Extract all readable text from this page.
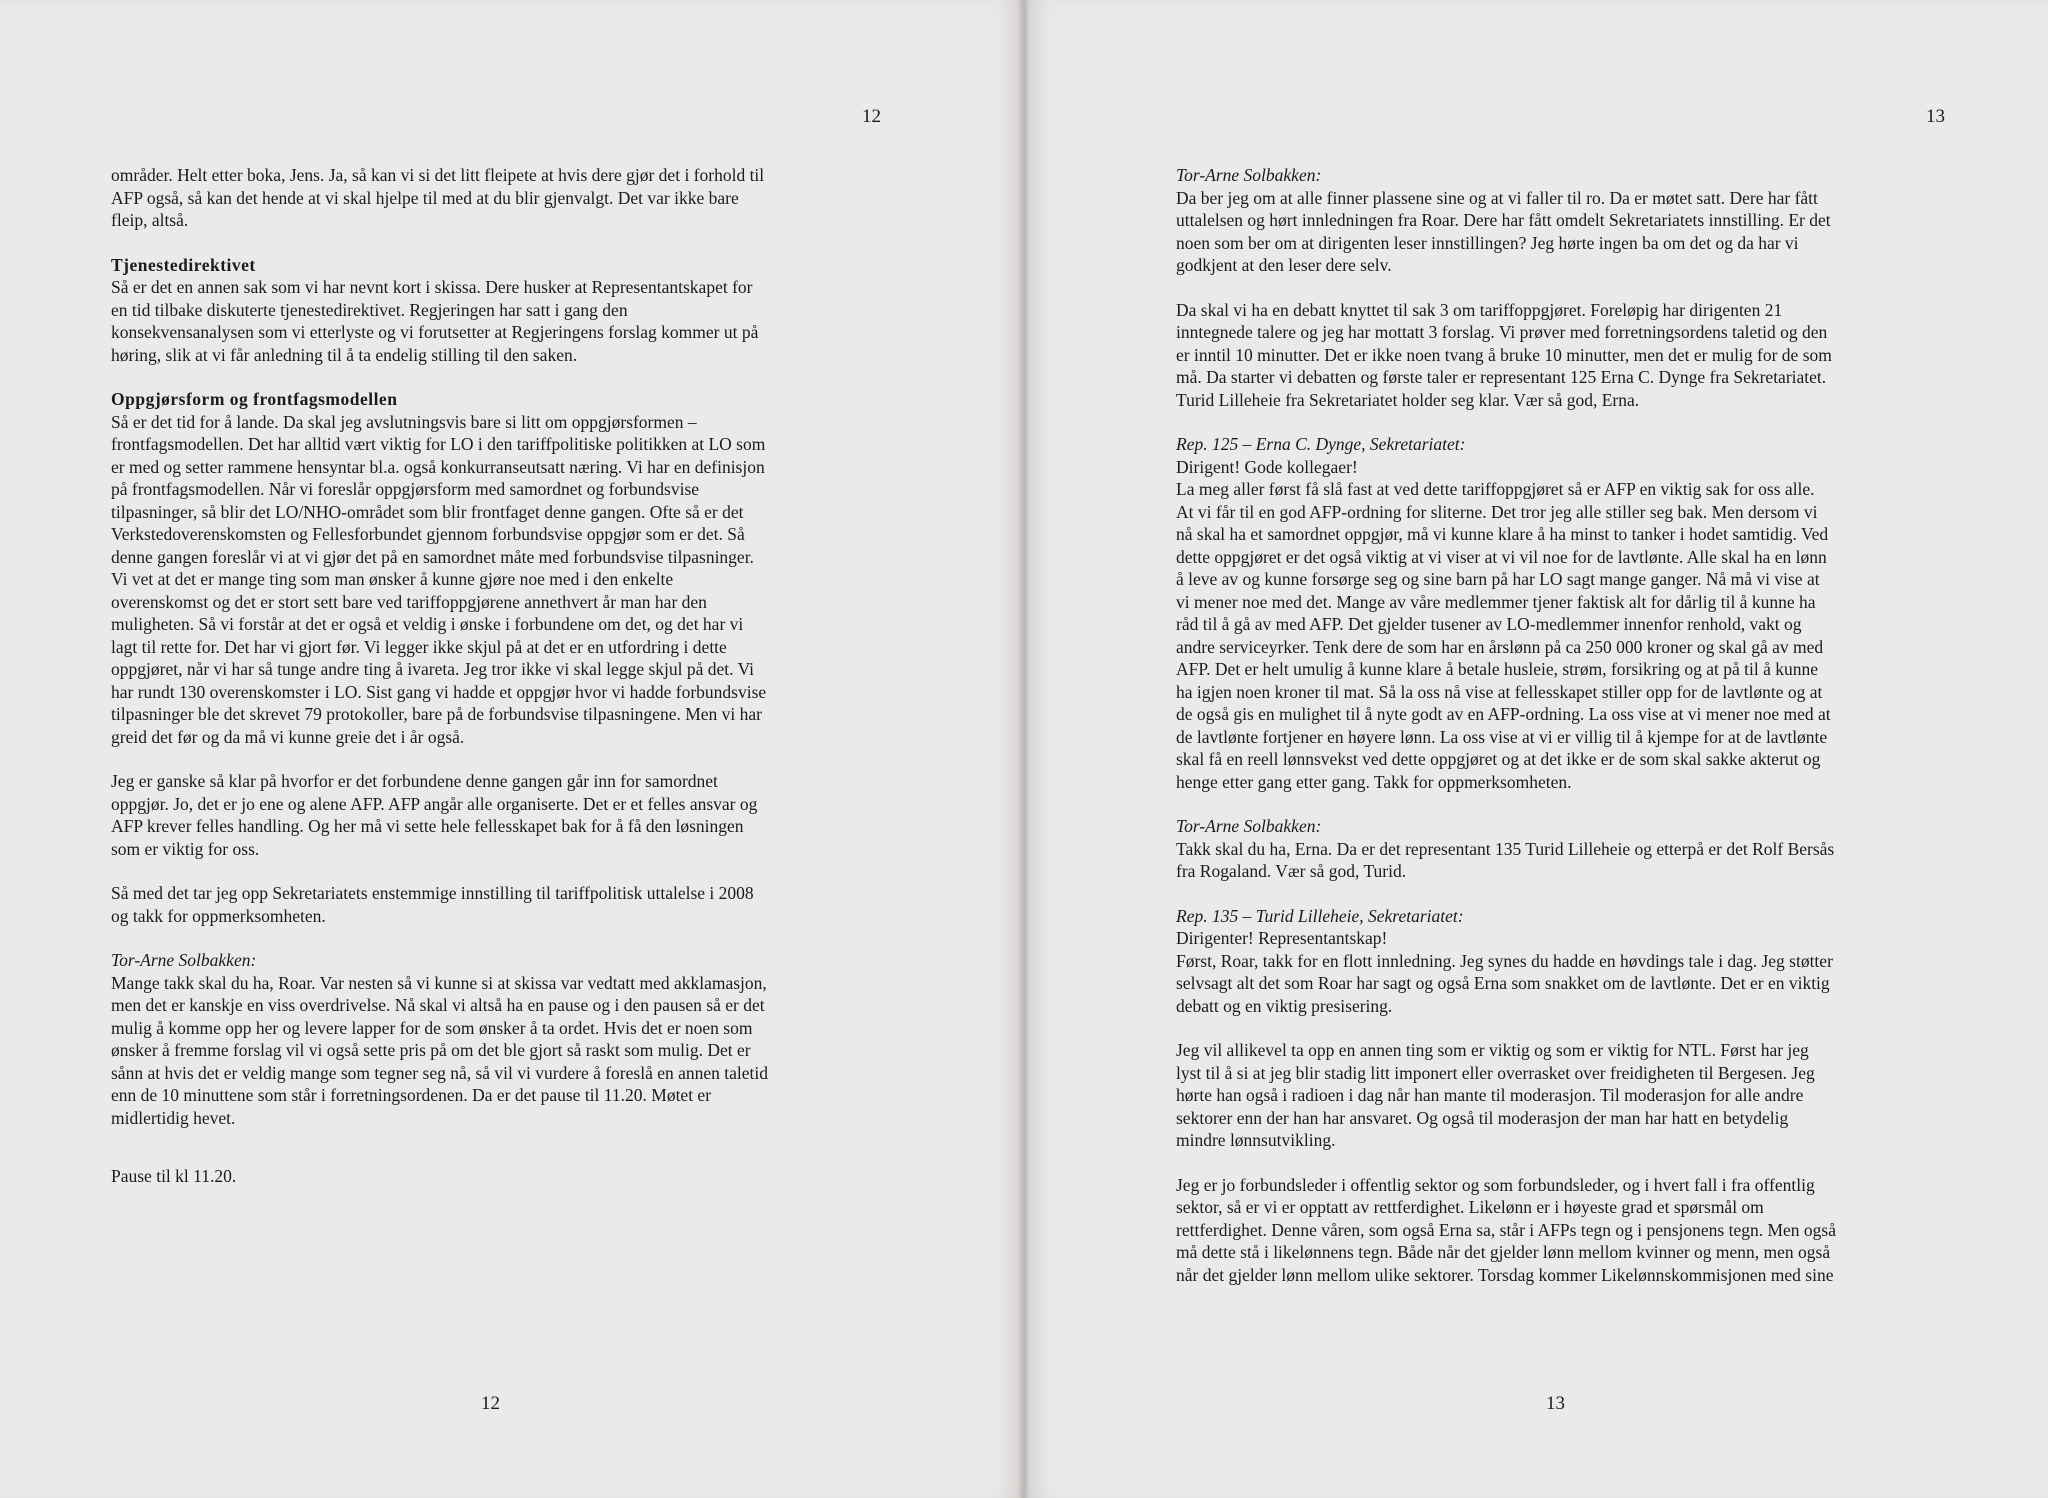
12
områder. Helt etter boka, Jens. Ja, så kan vi si det litt fleipete at hvis dere gjør det i forhold til
AFP også, så kan det hende at vi skal hjelpe til med at du blir gjenvalgt. Det var ikke bare
fleip, altså.
Tjenestedirektivet
Så er det en annen sak som vi har nevnt kort i skissa. Dere husker at Representantskapet for
en tid tilbake diskuterte tjenestedirektivet. Regjeringen har satt i gang den
konsekvensanalysen som vi etterlyste og vi forutsetter at Regjeringens forslag kommer ut på
høring, slik at vi får anledning til å ta endelig stilling til den saken.
Oppgjørsform og frontfagsmodellen
Så er det tid for å lande. Da skal jeg avslutningsvis bare si litt om oppgjørsformen –
frontfagsmodellen. Det har alltid vært viktig for LO i den tariffpolitiske politikken at LO som
er med og setter rammene hensyntar bl.a. også konkurranseutsatt næring. Vi har en definisjon
på frontfagsmodellen. Når vi foreslår oppgjørsform med samordnet og forbundsvise
tilpasninger, så blir det LO/NHO-området som blir frontfaget denne gangen. Ofte så er det
Verkstedoverenskomsten og Fellesforbundet gjennom forbundsvise oppgjør som er det. Så
denne gangen foreslår vi at vi gjør det på en samordnet måte med forbundsvise tilpasninger.
Vi vet at det er mange ting som man ønsker å kunne gjøre noe med i den enkelte
overenskomst og det er stort sett bare ved tariffoppgjørene annethvert år man har den
muligheten. Så vi forstår at det er også et veldig i ønske i forbundene om det, og det har vi
lagt til rette for. Det har vi gjort før. Vi legger ikke skjul på at det er en utfordring i dette
oppgjøret, når vi har så tunge andre ting å ivareta. Jeg tror ikke vi skal legge skjul på det. Vi
har rundt 130 overenskomster i LO. Sist gang vi hadde et oppgjør hvor vi hadde forbundsvise
tilpasninger ble det skrevet 79 protokoller, bare på de forbundsvise tilpasningene. Men vi har
greid det før og da må vi kunne greie det i år også.
Jeg er ganske så klar på hvorfor er det forbundene denne gangen går inn for samordnet
oppgjør. Jo, det er jo ene og alene AFP. AFP angår alle organiserte. Det er et felles ansvar og
AFP krever felles handling. Og her må vi sette hele fellesskapet bak for å få den løsningen
som er viktig for oss.
Så med det tar jeg opp Sekretariatets enstemmige innstilling til tariffpolitisk uttalelse i 2008
og takk for oppmerksomheten.
Tor-Arne Solbakken:
Mange takk skal du ha, Roar. Var nesten så vi kunne si at skissa var vedtatt med akklamasjon,
men det er kanskje en viss overdrivelse. Nå skal vi altså ha en pause og i den pausen så er det
mulig å komme opp her og levere lapper for de som ønsker å ta ordet. Hvis det er noen som
ønsker å fremme forslag vil vi også sette pris på om det ble gjort så raskt som mulig. Det er
sånn at hvis det er veldig mange som tegner seg nå, så vil vi vurdere å foreslå en annen taletid
enn de 10 minuttene som står i forretningsordenen. Da er det pause til 11.20. Møtet er
midlertidig hevet.
Pause til kl 11.20.
12
13
Tor-Arne Solbakken:
Da ber jeg om at alle finner plassene sine og at vi faller til ro. Da er møtet satt. Dere har fått
uttalelsen og hørt innledningen fra Roar. Dere har fått omdelt Sekretariatets innstilling. Er det
noen som ber om at dirigenten leser innstillingen? Jeg hørte ingen ba om det og da har vi
godkjent at den leser dere selv.
Da skal vi ha en debatt knyttet til sak 3 om tariffoppgjøret. Foreløpig har dirigenten 21
inntegnede talere og jeg har mottatt 3 forslag. Vi prøver med forretningsordens taletid og den
er inntil 10 minutter. Det er ikke noen tvang å bruke 10 minutter, men det er mulig for de som
må. Da starter vi debatten og første taler er representant 125 Erna C. Dynge fra Sekretariatet.
Turid Lilleheie fra Sekretariatet holder seg klar. Vær så god, Erna.
Rep. 125 – Erna C. Dynge, Sekretariatet:
Dirigent! Gode kollegaer!
La meg aller først få slå fast at ved dette tariffoppgjøret så er AFP en viktig sak for oss alle.
At vi får til en god AFP-ordning for sliterne. Det tror jeg alle stiller seg bak. Men dersom vi
nå skal ha et samordnet oppgjør, må vi kunne klare å ha minst to tanker i hodet samtidig. Ved
dette oppgjøret er det også viktig at vi viser at vi vil noe for de lavtlønte. Alle skal ha en lønn
å leve av og kunne forsørge seg og sine barn på har LO sagt mange ganger. Nå må vi vise at
vi mener noe med det. Mange av våre medlemmer tjener faktisk alt for dårlig til å kunne ha
råd til å gå av med AFP. Det gjelder tusener av LO-medlemmer innenfor renhold, vakt og
andre serviceyrker. Tenk dere de som har en årslønn på ca 250 000 kroner og skal gå av med
AFP. Det er helt umulig å kunne klare å betale husleie, strøm, forsikring og at på til å kunne
ha igjen noen kroner til mat. Så la oss nå vise at fellesskapet stiller opp for de lavtlønte og at
de også gis en mulighet til å nyte godt av en AFP-ordning. La oss vise at vi mener noe med at
de lavtlønte fortjener en høyere lønn. La oss vise at vi er villig til å kjempe for at de lavtlønte
skal få en reell lønnsvekst ved dette oppgjøret og at det ikke er de som skal sakke akterut og
henge etter gang etter gang. Takk for oppmerksomheten.
Tor-Arne Solbakken:
Takk skal du ha, Erna. Da er det representant 135 Turid Lilleheie og etterpå er det Rolf Bersås
fra Rogaland. Vær så god, Turid.
Rep. 135 – Turid Lilleheie, Sekretariatet:
Dirigenter! Representantskap!
Først, Roar, takk for en flott innledning. Jeg synes du hadde en høvdings tale i dag. Jeg støtter
selvsagt alt det som Roar har sagt og også Erna som snakket om de lavtlønte. Det er en viktig
debatt og en viktig presisering.
Jeg vil allikevel ta opp en annen ting som er viktig og som er viktig for NTL. Først har jeg
lyst til å si at jeg blir stadig litt imponert eller overrasket over freidigheten til Bergesen. Jeg
hørte han også i radioen i dag når han mante til moderasjon. Til moderasjon for alle andre
sektorer enn der han har ansvaret. Og også til moderasjon der man har hatt en betydelig
mindre lønnsutvikling.
Jeg er jo forbundsleder i offentlig sektor og som forbundsleder, og i hvert fall i fra offentlig
sektor, så er vi er opptatt av rettferdighet. Likelønn er i høyeste grad et spørsmål om
rettferdighet. Denne våren, som også Erna sa, står i AFPs tegn og i pensjonens tegn. Men også
må dette stå i likelønnens tegn. Både når det gjelder lønn mellom kvinner og menn, men også
når det gjelder lønn mellom ulike sektorer. Torsdag kommer Likelønnskommisjonen med sine
13
